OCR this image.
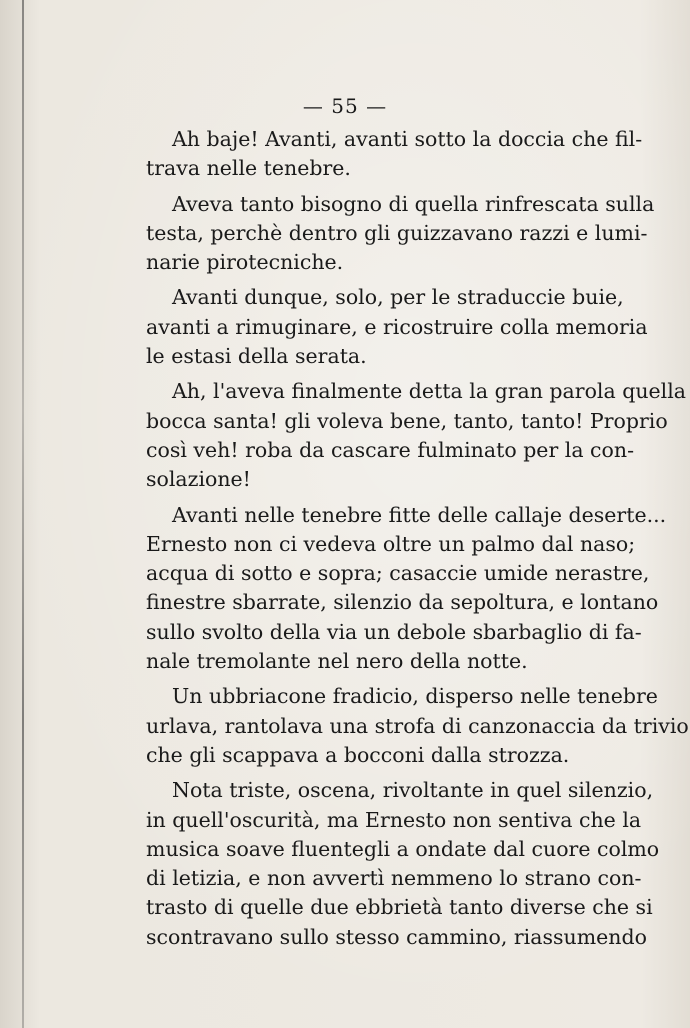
— 55 —
Ah baje! Avanti, avanti sotto la doccia che fil-
trava nelle tenebre.
Aveva tanto bisogno di quella rinfrescata sulla
testa, perchè dentro gli guizzavano razzi e lumi-
narie pirotecniche.
Avanti dunque, solo, per le straduccie buie,
avanti a rimuginare, e ricostruire colla memoria
le estasi della serata.
Ah, l'aveva finalmente detta la gran parola quella
bocca santa! gli voleva bene, tanto, tanto! Proprio
così veh! roba da cascare fulminato per la con-
solazione!
Avanti nelle tenebre fitte delle callaje deserte...
Ernesto non ci vedeva oltre un palmo dal naso;
acqua di sotto e sopra; casaccie umide nerastre,
finestre sbarrate, silenzio da sepoltura, e lontano
sullo svolto della via un debole sbarbaglio di fa-
nale tremolante nel nero della notte.
Un ubbriacone fradicio, disperso nelle tenebre
urlava, rantolava una strofa di canzonaccia da trivio
che gli scappava a bocconi dalla strozza.
Nota triste, oscena, rivoltante in quel silenzio,
in quell'oscurità, ma Ernesto non sentiva che la
musica soave fluentegli a ondate dal cuore colmo
di letizia, e non avvertì nemmeno lo strano con-
trasto di quelle due ebbrietà tanto diverse che si
scontravano sullo stesso cammino, riassumendo
